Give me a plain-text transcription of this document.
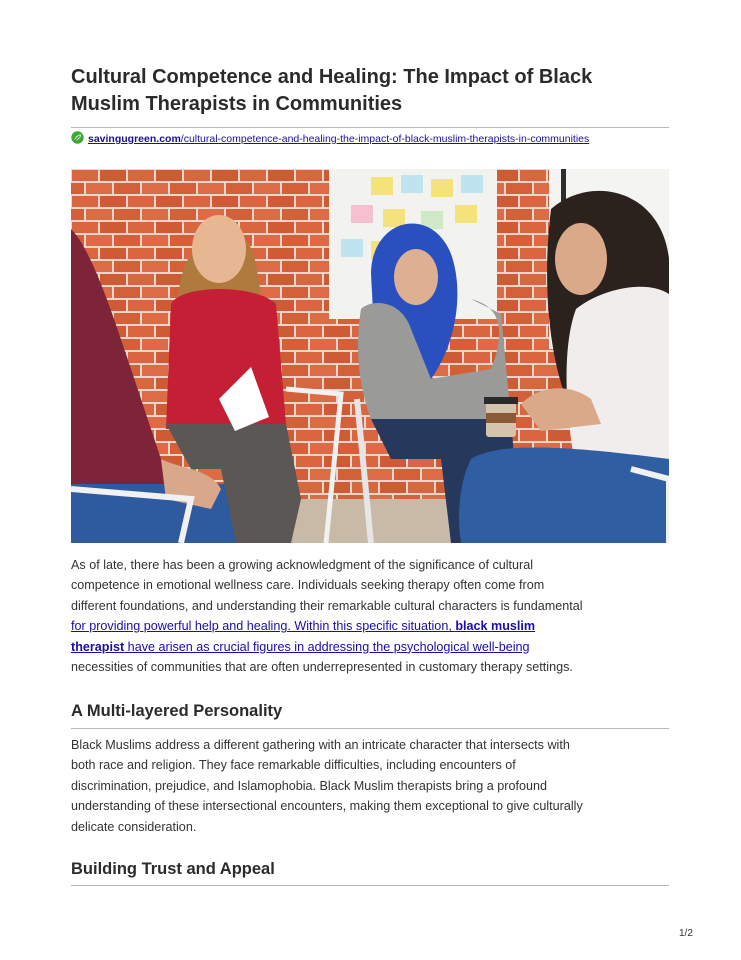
Cultural Competence and Healing: The Impact of Black
Muslim Therapists in Communities
savingugreen.com/cultural-competence-and-healing-the-impact-of-black-muslim-therapists-in-communities

As of late, there has been a growing acknowledgment of the significance of cultural
competence in emotional wellness care. Individuals seeking therapy often come from
different foundations, and understanding their remarkable cultural characters is fundamental
for providing powerful help and healing. Within this specific situation, black muslim
therapist have arisen as crucial figures in addressing the psychological well-being
necessities of communities that are often underrepresented in customary therapy settings.

A Multi-layered Personality

Black Muslims address a different gathering with an intricate character that intersects with
both race and religion. They face remarkable difficulties, including encounters of
discrimination, prejudice, and Islamophobia. Black Muslim therapists bring a profound
understanding of these intersectional encounters, making them exceptional to give culturally
delicate consideration.

Building Trust and Appeal
1/2
